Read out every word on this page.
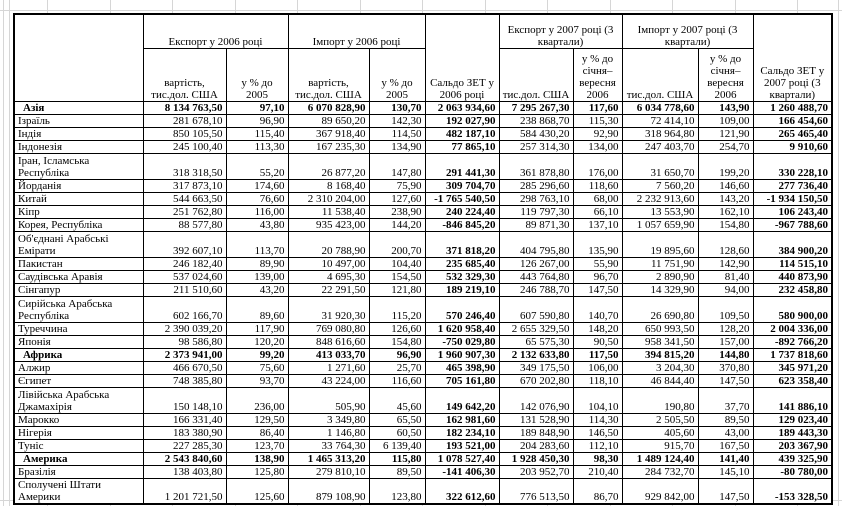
	Експорт у 2006 році		Імпорт у 2006 році		Сальдо ЗЕТ у 2006 році	Експорт у 2007 році (3 квартали)		Імпорт у 2007 році (3 квартали)		Сальдо ЗЕТ у 2007 році (3 квартали)
	вартість, тис.дол. США	у % до 2005	вартість, тис.дол. США	у % до 2005		тис.дол. США	у % до січня–вересня 2006	тис.дол. США	у % до січня–вересня 2006	
Азія	8 134 763,50	97,10	6 070 828,90	130,70	2 063 934,60	7 295 267,30	117,60	6 034 778,60	143,90	1 260 488,70
Ізраїль	281 678,10	96,90	89 650,20	142,30	192 027,90	238 868,70	115,30	72 414,10	109,00	166 454,60
Індія	850 105,50	115,40	367 918,40	114,50	482 187,10	584 430,20	92,90	318 964,80	121,90	265 465,40
Індонезія	245 100,40	113,30	167 235,30	134,90	77 865,10	257 314,30	134,00	247 403,70	254,70	9 910,60
Іран, Ісламська Республіка	318 318,50	55,20	26 877,20	147,80	291 441,30	361 878,80	176,00	31 650,70	199,20	330 228,10
Йорданія	317 873,10	174,60	8 168,40	75,90	309 704,70	285 296,60	118,60	7 560,20	146,60	277 736,40
Китай	544 663,50	76,60	2 310 204,00	127,60	-1 765 540,50	298 763,10	68,00	2 232 913,60	143,20	-1 934 150,50
Кіпр	251 762,80	116,00	11 538,40	238,90	240 224,40	119 797,30	66,10	13 553,90	162,10	106 243,40
Корея, Республіка	88 577,80	43,80	935 423,00	144,20	-846 845,20	89 871,30	137,10	1 057 659,90	154,80	-967 788,60
Об'єднані Арабські Емірати	392 607,10	113,70	20 788,90	200,70	371 818,20	404 795,80	135,90	19 895,60	128,60	384 900,20
Пакистан	246 182,40	89,90	10 497,00	104,40	235 685,40	126 267,00	55,90	11 751,90	142,90	114 515,10
Саудівська Аравія	537 024,60	139,00	4 695,30	154,50	532 329,30	443 764,80	96,70	2 890,90	81,40	440 873,90
Сінгапур	211 510,60	43,20	22 291,50	121,80	189 219,10	246 788,70	147,50	14 329,90	94,00	232 458,80
Сирійська Арабська Республіка	602 166,70	89,60	31 920,30	115,20	570 246,40	607 590,80	140,70	26 690,80	109,50	580 900,00
Туреччина	2 390 039,20	117,90	769 080,80	126,60	1 620 958,40	2 655 329,50	148,20	650 993,50	128,20	2 004 336,00
Японія	98 586,80	120,20	848 616,60	154,80	-750 029,80	65 575,30	90,50	958 341,50	157,00	-892 766,20
Африка	2 373 941,00	99,20	413 033,70	96,90	1 960 907,30	2 132 633,80	117,50	394 815,20	144,80	1 737 818,60
Алжир	466 670,50	75,60	1 271,60	25,70	465 398,90	349 175,50	106,00	3 204,30	370,80	345 971,20
Єгипет	748 385,80	93,70	43 224,00	116,60	705 161,80	670 202,80	118,10	46 844,40	147,50	623 358,40
Лівійська Арабська Джамахірія	150 148,10	236,00	505,90	45,60	149 642,20	142 076,90	104,10	190,80	37,70	141 886,10
Марокко	166 331,40	129,50	3 349,80	65,50	162 981,60	131 528,90	114,30	2 505,50	89,50	129 023,40
Нігерія	183 380,90	86,40	1 146,80	60,50	182 234,10	189 848,90	146,50	405,60	43,00	189 443,30
Туніс	227 285,30	123,70	33 764,30	6 139,40	193 521,00	204 283,60	112,10	915,70	167,50	203 367,90
Америка	2 543 840,60	138,90	1 465 313,20	115,80	1 078 527,40	1 928 450,30	98,30	1 489 124,40	141,40	439 325,90
Бразілія	138 403,80	125,80	279 810,10	89,50	-141 406,30	203 952,70	210,40	284 732,70	145,10	-80 780,00
Сполучені Штати Америки	1 201 721,50	125,60	879 108,90	123,80	322 612,60	776 513,50	86,70	929 842,00	147,50	-153 328,50
